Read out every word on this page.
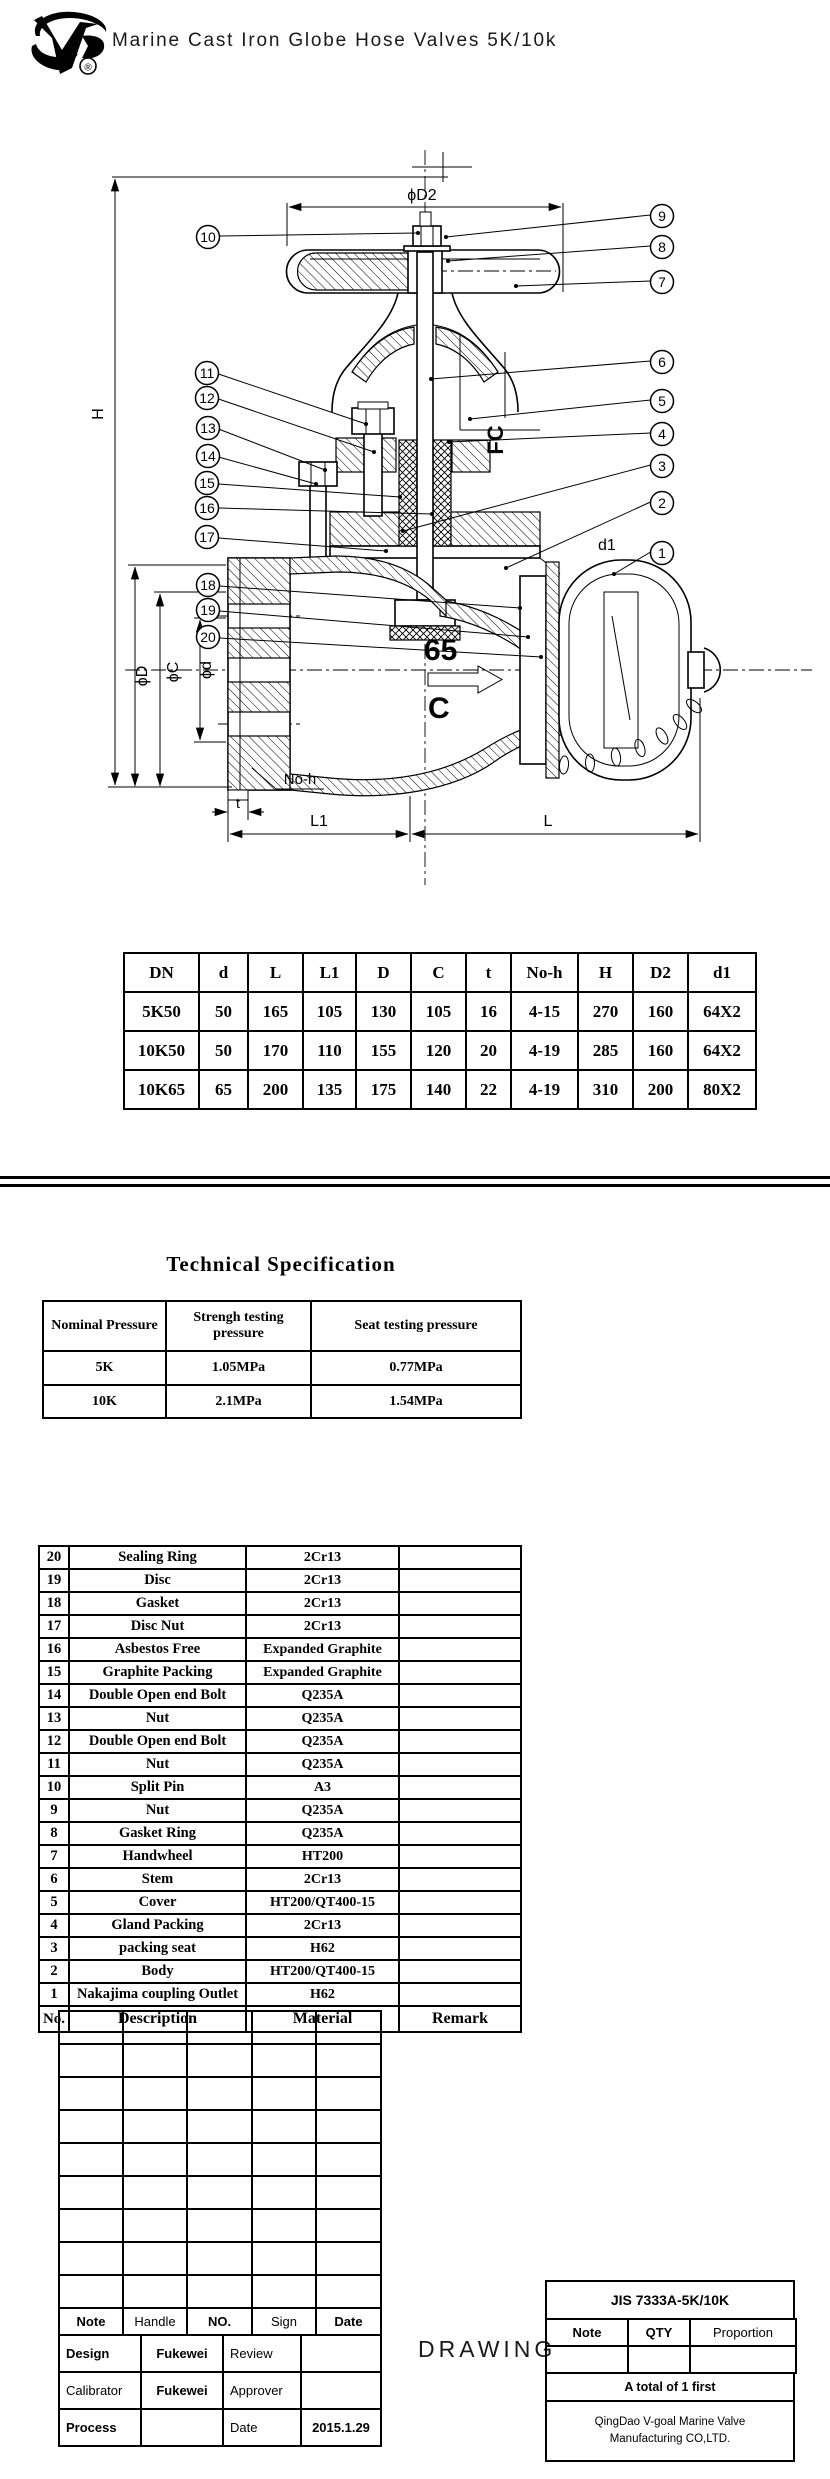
®
Marine Cast Iron Globe Hose Valves 5K/10k
H
ϕD2
ϕD ϕC ϕd
L1	L
t
No-h
d1
65
C
FC
10
9
8
7
6
5
4
3
2
1
11
12
13
14
15
16
17
18
19
20
DN	d	L	L1	D	C	t	No-h	H	D2	d1
5K50	50	165	105	130	105	16	4-15	270	160	64X2
10K50	50	170	110	155	120	20	4-19	285	160	64X2
10K65	65	200	135	175	140	22	4-19	310	200	80X2
Technical Specification
Nominal Pressure	Strengh testing pressure	Seat testing pressure
5K	1.05MPa	0.77MPa
10K	2.1MPa	1.54MPa
20	Sealing Ring	2Cr13	
19	Disc	2Cr13	
18	Gasket	2Cr13	
17	Disc Nut	2Cr13	
16	Asbestos Free	Expanded Graphite	
15	Graphite Packing	Expanded Graphite	
14	Double Open end Bolt	Q235A	
13	Nut	Q235A	
12	Double Open end Bolt	Q235A	
11	Nut	Q235A	
10	Split Pin	A3	
9	Nut	Q235A	
8	Gasket Ring	Q235A	
7	Handwheel	HT200	
6	Stem	2Cr13	
5	Cover	HT200/QT400-15	
4	Gland Packing	2Cr13	
3	packing seat	H62	
2	Body	HT200/QT400-15	
1	Nakajima coupling Outlet	H62	
No.	Description	Material	Remark

Note	Handle	NO.	Sign	Date
Design	Fukewei	Review	
Calibrator	Fukewei	Approver	
Process		Date	2015.1.29
DRAWING
JIS 7333A-5K/10K
Note	QTY	Proportion

A total of 1 first
QingDao V-goal Marine Valve
Manufacturing CO,LTD.
